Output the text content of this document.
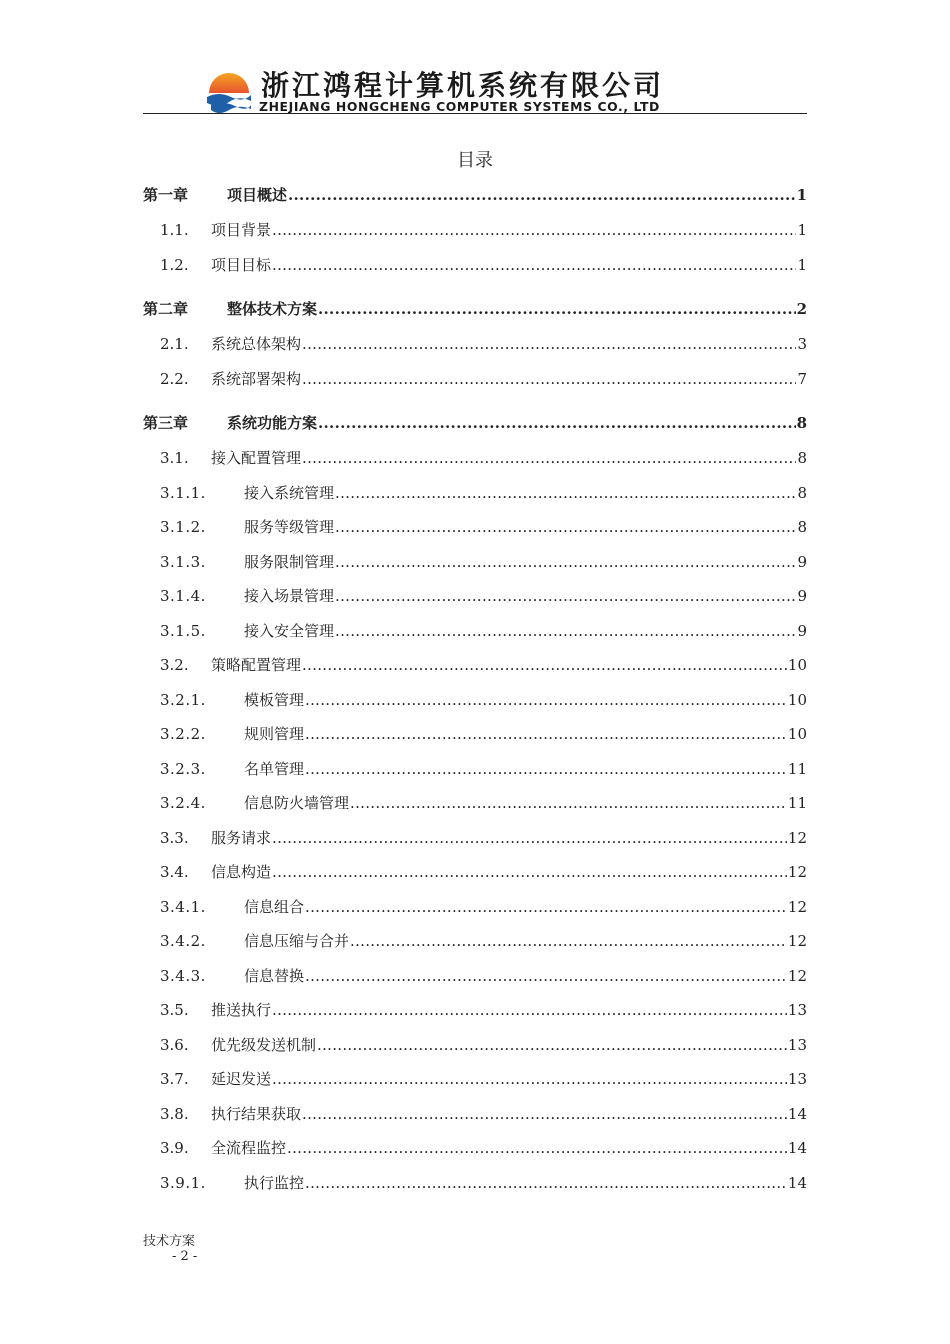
浙江鸿程计算机系统有限公司
ZHEJIANG HONGCHENG COMPUTER SYSTEMS CO., LTD
目录
第一章	项目概述 .....	1
1.1.	项目背景 .....	1
1.2.	项目目标 .....	1
第二章	整体技术方案 .....	2
2.1.	系统总体架构 .....	3
2.2.	系统部署架构 .....	7
第三章	系统功能方案 .....	8
3.1.	接入配置管理 .....	8
3.1.1.	接入系统管理 .....	8
3.1.2.	服务等级管理 .....	8
3.1.3.	服务限制管理 .....	9
3.1.4.	接入场景管理 .....	9
3.1.5.	接入安全管理 .....	9
3.2.	策略配置管理 .....	10
3.2.1.	模板管理 .....	10
3.2.2.	规则管理 .....	10
3.2.3.	名单管理 .....	11
3.2.4.	信息防火墙管理 .....	11
3.3.	服务请求 .....	12
3.4.	信息构造 .....	12
3.4.1.	信息组合 .....	12
3.4.2.	信息压缩与合并 .....	12
3.4.3.	信息替换 .....	12
3.5.	推送执行 .....	13
3.6.	优先级发送机制 .....	13
3.7.	延迟发送 .....	13
3.8.	执行结果获取 .....	14
3.9.	全流程监控 .....	14
3.9.1.	执行监控 .....	14
技术方案
- 2 -
